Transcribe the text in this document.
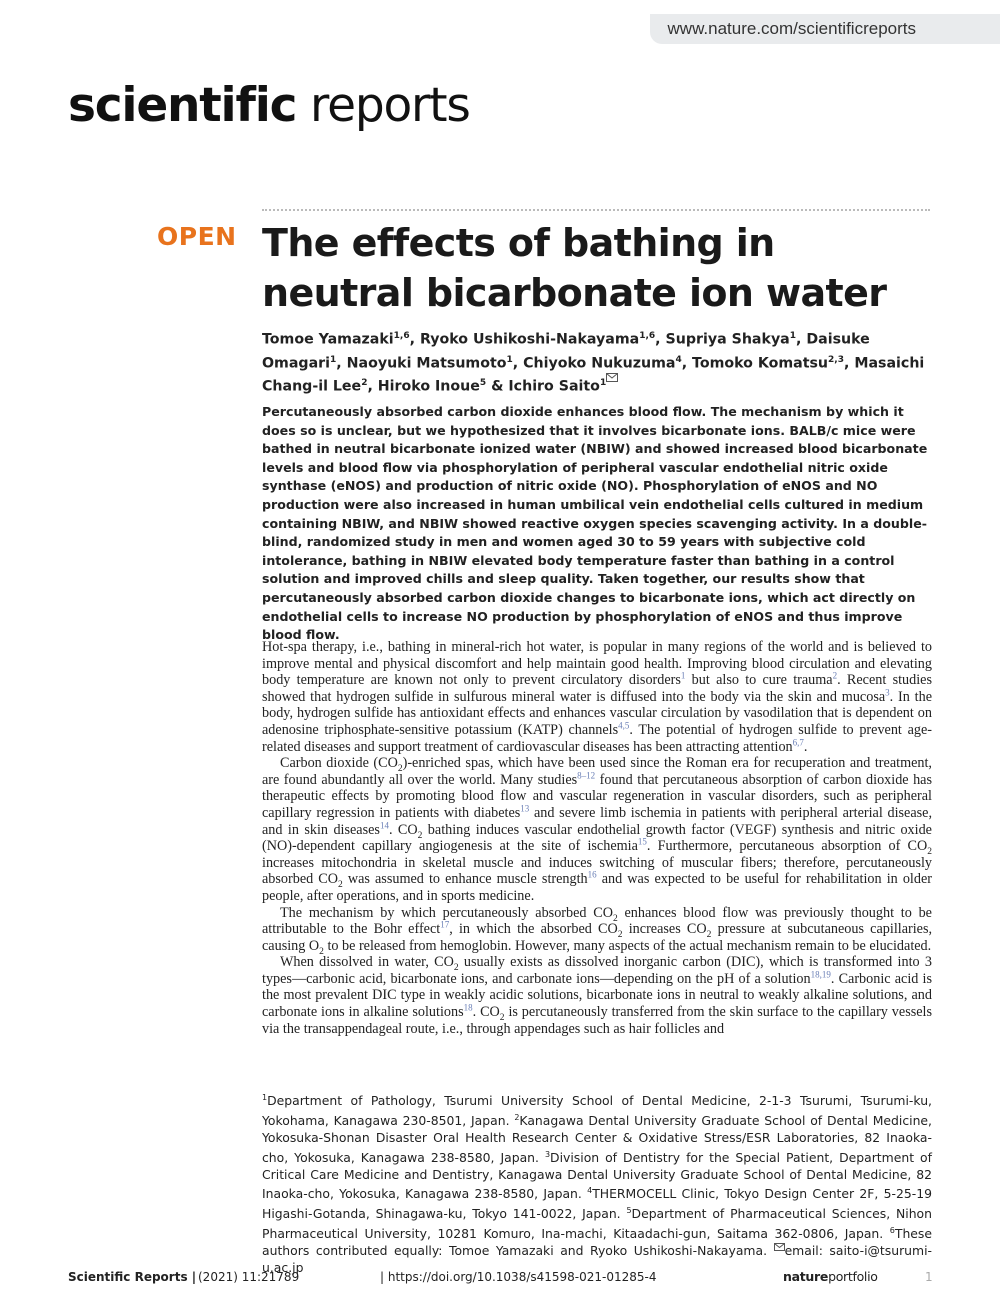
www.nature.com/scientificreports
scientific reports
OPEN The effects of bathing in neutral bicarbonate ion water
Tomoe Yamazaki$^{1,6}$, Ryoko Ushikoshi-Nakayama$^{1,6}$, Supriya Shakya$^1$, Daisuke Omagari$^1$, Naoyuki Matsumoto$^1$, Chiyoko Nukuzuma$^4$, Tomoko Komatsu$^{2,3}$, Masaichi Chang-il Lee$^2$, Hiroko Inoue$^5$ & Ichiro Saito$^1$

Percutaneously absorbed carbon dioxide enhances blood flow. The mechanism by which it does so is unclear, but we hypothesized that it involves bicarbonate ions. BALB/c mice were bathed in neutral bicarbonate ionized water (NBIW) and showed increased blood bicarbonate levels and blood flow via phosphorylation of peripheral vascular endothelial nitric oxide synthase (eNOS) and production of nitric oxide (NO). Phosphorylation of eNOS and NO production were also increased in human umbilical vein endothelial cells cultured in medium containing NBIW, and NBIW showed reactive oxygen species scavenging activity. In a double-blind, randomized study in men and women aged 30 to 59 years with subjective cold intolerance, bathing in NBIW elevated body temperature faster than bathing in a control solution and improved chills and sleep quality. Taken together, our results show that percutaneously absorbed carbon dioxide changes to bicarbonate ions, which act directly on endothelial cells to increase NO production by phosphorylation of eNOS and thus improve blood flow.

Hot-spa therapy, i.e., bathing in mineral-rich hot water, is popular in many regions of the world and is believed to improve mental and physical discomfort and help maintain good health. Improving blood circulation and elevating body temperature are known not only to prevent circulatory disorders$^1$ but also to cure trauma$^2$. Recent studies showed that hydrogen sulfide in sulfurous mineral water is diffused into the body via the skin and mucosa$^3$. In the body, hydrogen sulfide has antioxidant effects and enhances vascular circulation by vasodilation that is dependent on adenosine triphosphate-sensitive potassium (KATP) channels$^{4,5}$. The potential of hydrogen sulfide to prevent age-related diseases and support treatment of cardiovascular diseases has been attracting attention$^{6,7}$.

Carbon dioxide $(CO_2)$-enriched spas, which have been used since the Roman era for recuperation and treatment, are found abundantly all over the world. Many studies$^{8-12}$ found that percutaneous absorption of carbon dioxide has therapeutic effects by promoting blood flow and vascular regeneration in vascular disorders, such as peripheral capillary regression in patients with diabetes$^{13}$ and severe limb ischemia in patients with peripheral arterial disease, and in skin diseases$^{14}$. $CO_2$ bathing induces vascular endothelial growth factor (VEGF) synthesis and nitric oxide (NO)-dependent capillary angiogenesis at the site of ischemia$^{15}$. Furthermore, percutaneous absorption of $CO_2$ increases mitochondria in skeletal muscle and induces switching of muscular fibers; therefore, percutaneously absorbed $CO_2$ was assumed to enhance muscle strength$^{16}$ and was expected to be useful for rehabilitation in older people, after operations, and in sports medicine.

The mechanism by which percutaneously absorbed $CO_2$ enhances blood flow was previously thought to be attributable to the Bohr effect$^{17}$, in which the absorbed $CO_2$ increases $CO_2$ pressure at subcutaneous capillaries, causing $O_2$ to be released from hemoglobin. However, many aspects of the actual mechanism remain to be elucidated.

When dissolved in water, $CO_2$ usually exists as dissolved inorganic carbon (DIC), which is transformed into 3 types—carbonic acid, bicarbonate ions, and carbonate ions—depending on the pH of a solution$^{18,19}$. Carbonic acid is the most prevalent DIC type in weakly acidic solutions, bicarbonate ions in neutral to weakly alkaline solutions, and carbonate ions in alkaline solutions$^{18}$. $CO_2$ is percutaneously transferred from the skin surface to the capillary vessels via the transappendageal route, i.e., through appendages such as hair follicles and

$^1$Department of Pathology, Tsurumi University School of Dental Medicine, 2-1-3 Tsurumi, Tsurumi-ku, Yokohama, Kanagawa 230-8501, Japan. $^2$Kanagawa Dental University Graduate School of Dental Medicine, Yokosuka-Shonan Disaster Oral Health Research Center & Oxidative Stress/ESR Laboratories, 82 Inaoka-cho, Yokosuka, Kanagawa 238-8580, Japan. $^3$Division of Dentistry for the Special Patient, Department of Critical Care Medicine and Dentistry, Kanagawa Dental University Graduate School of Dental Medicine, 82 Inaoka-cho, Yokosuka, Kanagawa 238-8580, Japan. $^4$THERMOCELL Clinic, Tokyo Design Center 2F, 5-25-19 Higashi-Gotanda, Shinagawa-ku, Tokyo 141-0022, Japan. $^5$Department of Pharmaceutical Sciences, Nihon Pharmaceutical University, 10281 Komuro, Ina-machi, Kitaadachi-gun, Saitama 362-0806, Japan. $^6$These authors contributed equally: Tomoe Yamazaki and Ryoko Ushikoshi-Nakayama. email: saito-i@tsurumi-u.ac.jp

Scientific Reports | (2021) 11:21789	| https://doi.org/10.1038/s41598-021-01285-4	natureportfolio	1
